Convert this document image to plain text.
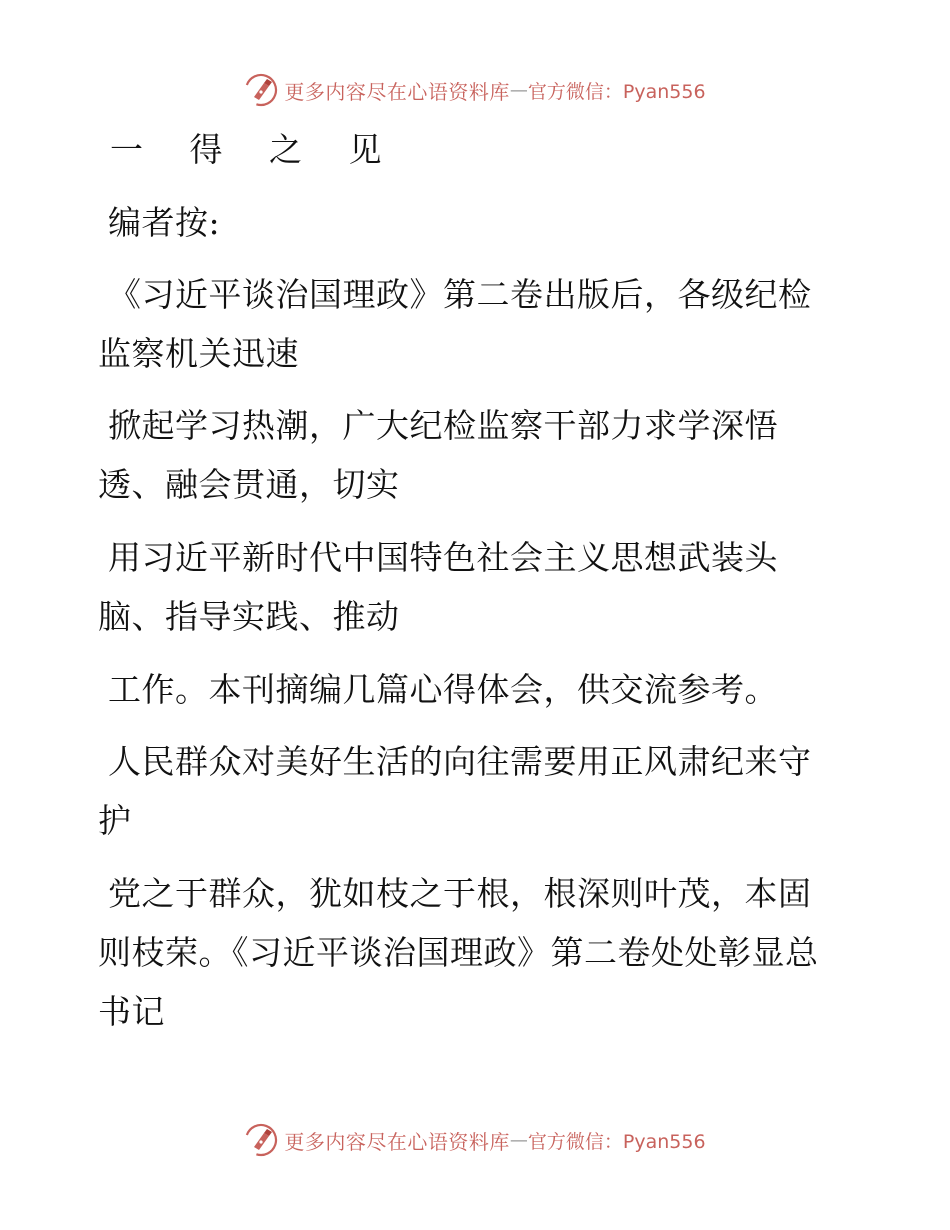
更多内容尽在心语资料库 — 官方微信：Pyan556
一 得 之 见
编者按:
《习近平谈治国理政》第二卷出版后，各级纪检
监察机关迅速
掀起学习热潮，广大纪检监察干部力求学深悟
透、融会贯通，切实
用习近平新时代中国特色社会主义思想武装头
脑、指导实践、推动
工作。本刊摘编几篇心得体会，供交流参考。
人民群众对美好生活的向往需要用正风肃纪来守
护
党之于群众，犹如枝之于根，根深则叶茂，本固
则枝荣。《习近平谈治国理政》第二卷处处彰显总
书记
更多内容尽在心语资料库 — 官方微信：Pyan556
